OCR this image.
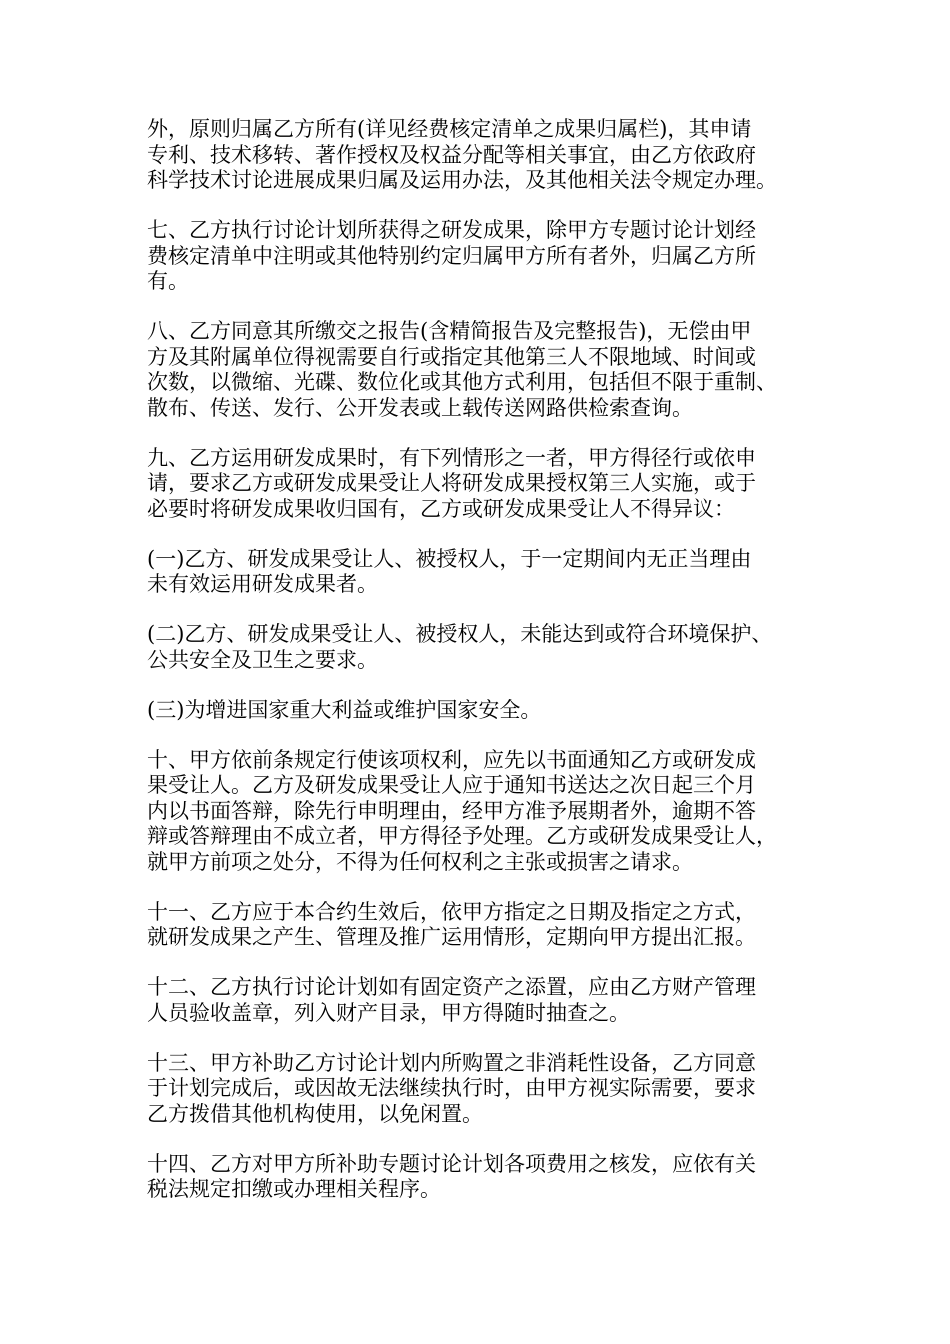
外，原则归属乙方所有(详见经费核定清单之成果归属栏)，其申请
专利、技术移转、著作授权及权益分配等相关事宜，由乙方依政府
科学技术讨论进展成果归属及运用办法，及其他相关法令规定办理。
七、乙方执行讨论计划所获得之研发成果，除甲方专题讨论计划经
费核定清单中注明或其他特别约定归属甲方所有者外，归属乙方所
有。
八、乙方同意其所缴交之报告(含精简报告及完整报告)，无偿由甲
方及其附属单位得视需要自行或指定其他第三人不限地域、时间或
次数，以微缩、光碟、数位化或其他方式利用，包括但不限于重制、
散布、传送、发行、公开发表或上载传送网路供检索查询。
九、乙方运用研发成果时，有下列情形之一者，甲方得径行或依申
请，要求乙方或研发成果受让人将研发成果授权第三人实施，或于
必要时将研发成果收归国有，乙方或研发成果受让人不得异议：
(一)乙方、研发成果受让人、被授权人，于一定期间内无正当理由
未有效运用研发成果者。
(二)乙方、研发成果受让人、被授权人，未能达到或符合环境保护、
公共安全及卫生之要求。
(三)为增进国家重大利益或维护国家安全。
十、甲方依前条规定行使该项权利，应先以书面通知乙方或研发成
果受让人。乙方及研发成果受让人应于通知书送达之次日起三个月
内以书面答辩，除先行申明理由，经甲方准予展期者外，逾期不答
辩或答辩理由不成立者，甲方得径予处理。乙方或研发成果受让人，
就甲方前项之处分，不得为任何权利之主张或损害之请求。
十一、乙方应于本合约生效后，依甲方指定之日期及指定之方式，
就研发成果之产生、管理及推广运用情形，定期向甲方提出汇报。
十二、乙方执行讨论计划如有固定资产之添置，应由乙方财产管理
人员验收盖章，列入财产目录，甲方得随时抽查之。
十三、甲方补助乙方讨论计划内所购置之非消耗性设备，乙方同意
于计划完成后，或因故无法继续执行时，由甲方视实际需要，要求
乙方拨借其他机构使用，以免闲置。
十四、乙方对甲方所补助专题讨论计划各项费用之核发，应依有关
税法规定扣缴或办理相关程序。
